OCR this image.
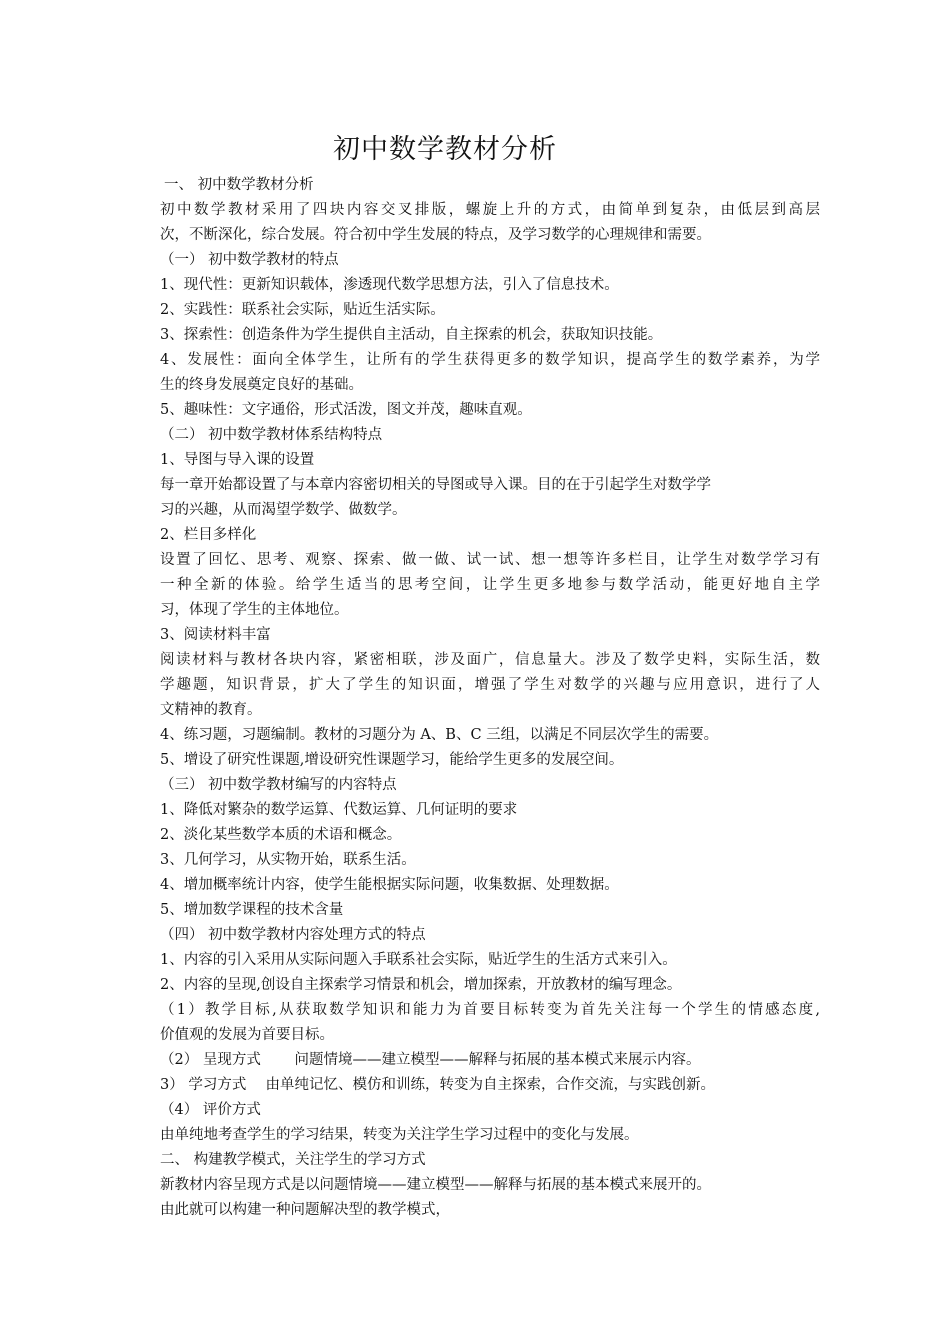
初中数学教材分析
一、 初中数学教材分析
初中数学教材采用了四块内容交叉排版，螺旋上升的方式，由简单到复杂，由低层到高层
次，不断深化，综合发展。符合初中学生发展的特点，及学习数学的心理规律和需要。
（一） 初中数学教材的特点
1、现代性：更新知识载体，渗透现代数学思想方法，引入了信息技术。
2、实践性：联系社会实际，贴近生活实际。
3、探索性：创造条件为学生提供自主活动，自主探索的机会，获取知识技能。
4、发展性：面向全体学生，让所有的学生获得更多的数学知识，提高学生的数学素养，为学
生的终身发展奠定良好的基础。
5、趣味性：文字通俗，形式活泼，图文并茂，趣味直观。
（二） 初中数学教材体系结构特点
1、导图与导入课的设置
每一章开始都设置了与本章内容密切相关的导图或导入课。目的在于引起学生对数学学
习的兴趣，从而渴望学数学、做数学。
2、栏目多样化
设置了回忆、思考、观察、探索、做一做、试一试、想一想等许多栏目，让学生对数学学习有
一种全新的体验。给学生适当的思考空间，让学生更多地参与数学活动，能更好地自主学
习，体现了学生的主体地位。
3、阅读材料丰富
阅读材料与教材各块内容，紧密相联，涉及面广，信息量大。涉及了数学史料，实际生活，数
学趣题，知识背景，扩大了学生的知识面，增强了学生对数学的兴趣与应用意识，进行了人
文精神的教育。
4、练习题，习题编制。教材的习题分为 A、B、C 三组，以满足不同层次学生的需要。
5、增设了研究性课题,增设研究性课题学习，能给学生更多的发展空间。
（三） 初中数学教材编写的内容特点
1、降低对繁杂的数学运算、代数运算、几何证明的要求
2、淡化某些数学本质的术语和概念。
3、几何学习，从实物开始，联系生活。
4、增加概率统计内容，使学生能根据实际问题，收集数据、处理数据。
5、增加数学课程的技术含量
（四） 初中数学教材内容处理方式的特点
1、内容的引入采用从实际问题入手联系社会实际，贴近学生的生活方式来引入。
2、内容的呈现,创设自主探索学习情景和机会，增加探索，开放教材的编写理念。
（1）教学目标,从获取数学知识和能力为首要目标转变为首先关注每一个学生的情感态度,
价值观的发展为首要目标。
（2） 呈现方式 　　问题情境——建立模型——解释与拓展的基本模式来展示内容。
3） 学习方式 　由单纯记忆、模仿和训练，转变为自主探索，合作交流，与实践创新。
（4） 评价方式
由单纯地考查学生的学习结果，转变为关注学生学习过程中的变化与发展。
二、 构建教学模式，关注学生的学习方式
新教材内容呈现方式是以问题情境——建立模型——解释与拓展的基本模式来展开的。
由此就可以构建一种问题解决型的教学模式，
